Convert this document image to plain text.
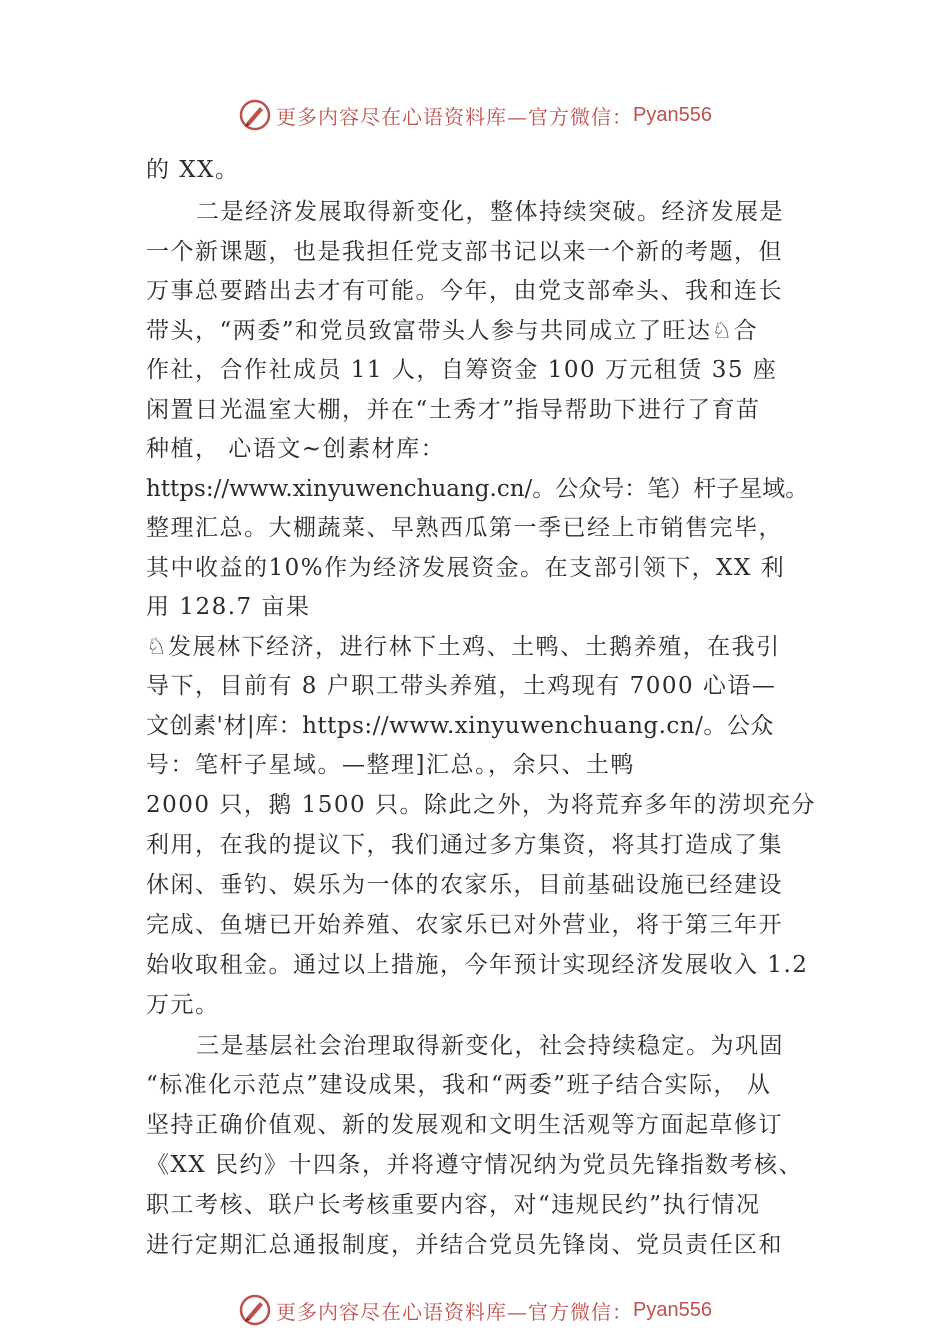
更多内容尽在心语资料库—官方微信： Pyan556
的 XX。
二是经济发展取得新变化，整体持续突破。经济发展是
一个新课题，也是我担任党支部书记以来一个新的考题，但
万事总要踏出去才有可能。今年，由党支部牵头、我和连长
带头，“两委”和党员致富带头人参与共同成立了旺达♘合
作社，合作社成员 11 人，自筹资金 100 万元租赁 35 座
闲置日光温室大棚，并在“土秀才”指导帮助下进行了育苗
种植， 心语文~创素材库：
https://www.xinyuwenchuang.cn/。公众号：笔）杆子星域。
整理汇总。大棚蔬菜、早熟西瓜第一季已经上市销售完毕，
其中收益的10%作为经济发展资金。在支部引领下，XX 利
用 128.7 亩果
♘发展林下经济，进行林下土鸡、土鸭、土鹅养殖，在我引
导下，目前有 8 户职工带头养殖，土鸡现有 7000 心语—
文创素'材|库：https://www.xinyuwenchuang.cn/。公众
号：笔杆子星域。—整理]汇总。，余只、土鸭
2000 只，鹅 1500 只。除此之外，为将荒弃多年的涝坝充分
利用，在我的提议下，我们通过多方集资，将其打造成了集
休闲、垂钓、娱乐为一体的农家乐，目前基础设施已经建设
完成、鱼塘已开始养殖、农家乐已对外营业，将于第三年开
始收取租金。通过以上措施，今年预计实现经济发展收入 1.2
万元。
三是基层社会治理取得新变化，社会持续稳定。为巩固
“标准化示范点”建设成果，我和“两委”班子结合实际， 从
坚持正确价值观、新的发展观和文明生活观等方面起草修订
《XX 民约》十四条，并将遵守情况纳为党员先锋指数考核、
职工考核、联户长考核重要内容，对“违规民约”执行情况
进行定期汇总通报制度，并结合党员先锋岗、党员责任区和
更多内容尽在心语资料库—官方微信： Pyan556
